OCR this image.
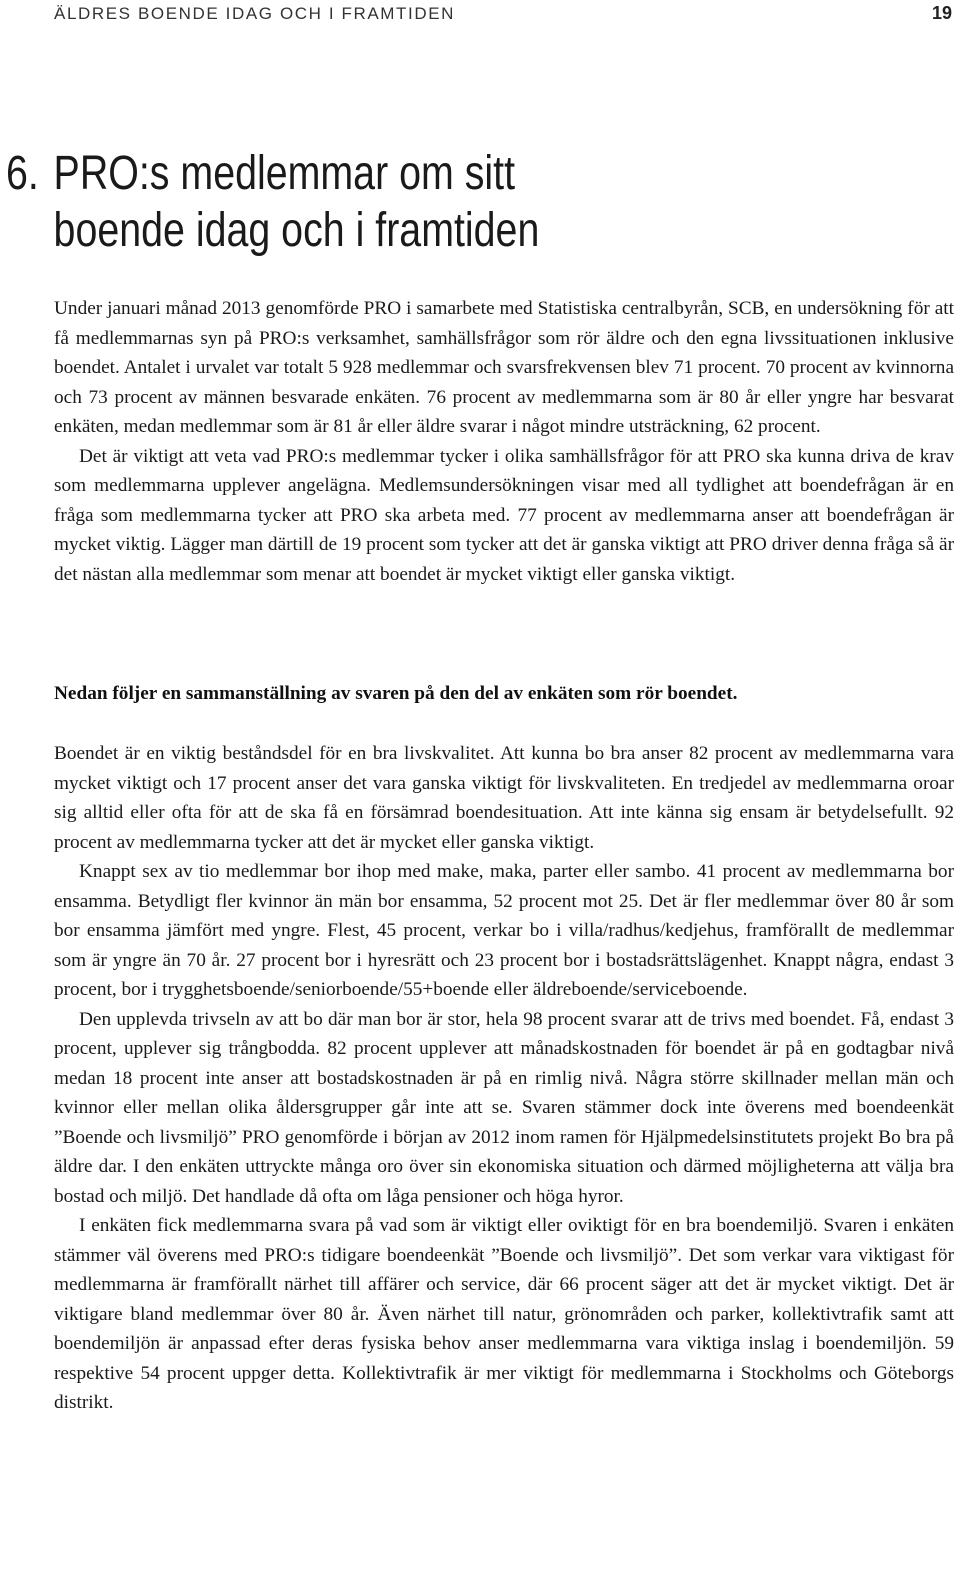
ÄLDRES BOENDE IDAG OCH I FRAMTIDEN	19
6. PRO:s medlemmar om sitt
boende idag och i framtiden

Under januari månad 2013 genomförde PRO i samarbete med Statistiska centralbyrån, SCB, en undersökning för att få medlemmarnas syn på PRO:s verksamhet, samhällsfrågor som rör äldre och den egna livssituationen inklusive boendet. Antalet i urvalet var totalt 5 928 medlemmar och svarsfrekvensen blev 71 procent. 70 procent av kvinnorna och 73 procent av männen besvarade enkäten. 76 procent av medlemmarna som är 80 år eller yngre har besvarat enkäten, medan medlemmar som är 81 år eller äldre svarar i något mindre utsträckning, 62 procent.

Det är viktigt att veta vad PRO:s medlemmar tycker i olika samhällsfrågor för att PRO ska kunna driva de krav som medlemmarna upplever angelägna. Medlemsundersökningen visar med all tydlighet att boendefrågan är en fråga som medlemmarna tycker att PRO ska arbeta med. 77 procent av medlemmarna anser att boendefrågan är mycket viktig. Lägger man därtill de 19 procent som tycker att det är ganska viktigt att PRO driver denna fråga så är det nästan alla medlemmar som menar att boendet är mycket viktigt eller ganska viktigt.

Nedan följer en sammanställning av svaren på den del av enkäten som rör boendet.

Boendet är en viktig beståndsdel för en bra livskvalitet. Att kunna bo bra anser 82 procent av medlemmarna vara mycket viktigt och 17 procent anser det vara ganska viktigt för livskvaliteten. En tredjedel av medlemmarna oroar sig alltid eller ofta för att de ska få en försämrad boendesituation. Att inte känna sig ensam är betydelsefullt. 92 procent av medlemmarna tycker att det är mycket eller ganska viktigt.

Knappt sex av tio medlemmar bor ihop med make, maka, parter eller sambo. 41 procent av medlemmarna bor ensamma. Betydligt fler kvinnor än män bor ensamma, 52 procent mot 25. Det är fler medlemmar över 80 år som bor ensamma jämfört med yngre. Flest, 45 procent, verkar bo i villa/radhus/kedjehus, framförallt de medlemmar som är yngre än 70 år. 27 procent bor i hyresrätt och 23 procent bor i bostadsrättslägenhet. Knappt några, endast 3 procent, bor i trygghetsboende/seniorboende/55+boende eller äldreboende/serviceboende.

Den upplevda trivseln av att bo där man bor är stor, hela 98 procent svarar att de trivs med boendet. Få, endast 3 procent, upplever sig trångbodda. 82 procent upplever att månadskostnaden för boendet är på en godtagbar nivå medan 18 procent inte anser att bostadskostnaden är på en rimlig nivå. Några större skillnader mellan män och kvinnor eller mellan olika åldersgrupper går inte att se. Svaren stämmer dock inte överens med boendeenkät ”Boende och livsmiljö” PRO genomförde i början av 2012 inom ramen för Hjälpmedelsinstitutets projekt Bo bra på äldre dar. I den enkäten uttryckte många oro över sin ekonomiska situation och därmed möjligheterna att välja bra bostad och miljö. Det handlade då ofta om låga pensioner och höga hyror.

I enkäten fick medlemmarna svara på vad som är viktigt eller oviktigt för en bra boendemiljö. Svaren i enkäten stämmer väl överens med PRO:s tidigare boendeenkät ”Boende och livsmiljö”. Det som verkar vara viktigast för medlemmarna är framförallt närhet till affärer och service, där 66 procent säger att det är mycket viktigt. Det är viktigare bland medlemmar över 80 år. Även närhet till natur, grönområden och parker, kollektivtrafik samt att boendemiljön är anpassad efter deras fysiska behov anser medlemmarna vara viktiga inslag i boendemiljön. 59 respektive 54 procent uppger detta. Kollektivtrafik är mer viktigt för medlemmarna i Stockholms och Göteborgs distrikt.
